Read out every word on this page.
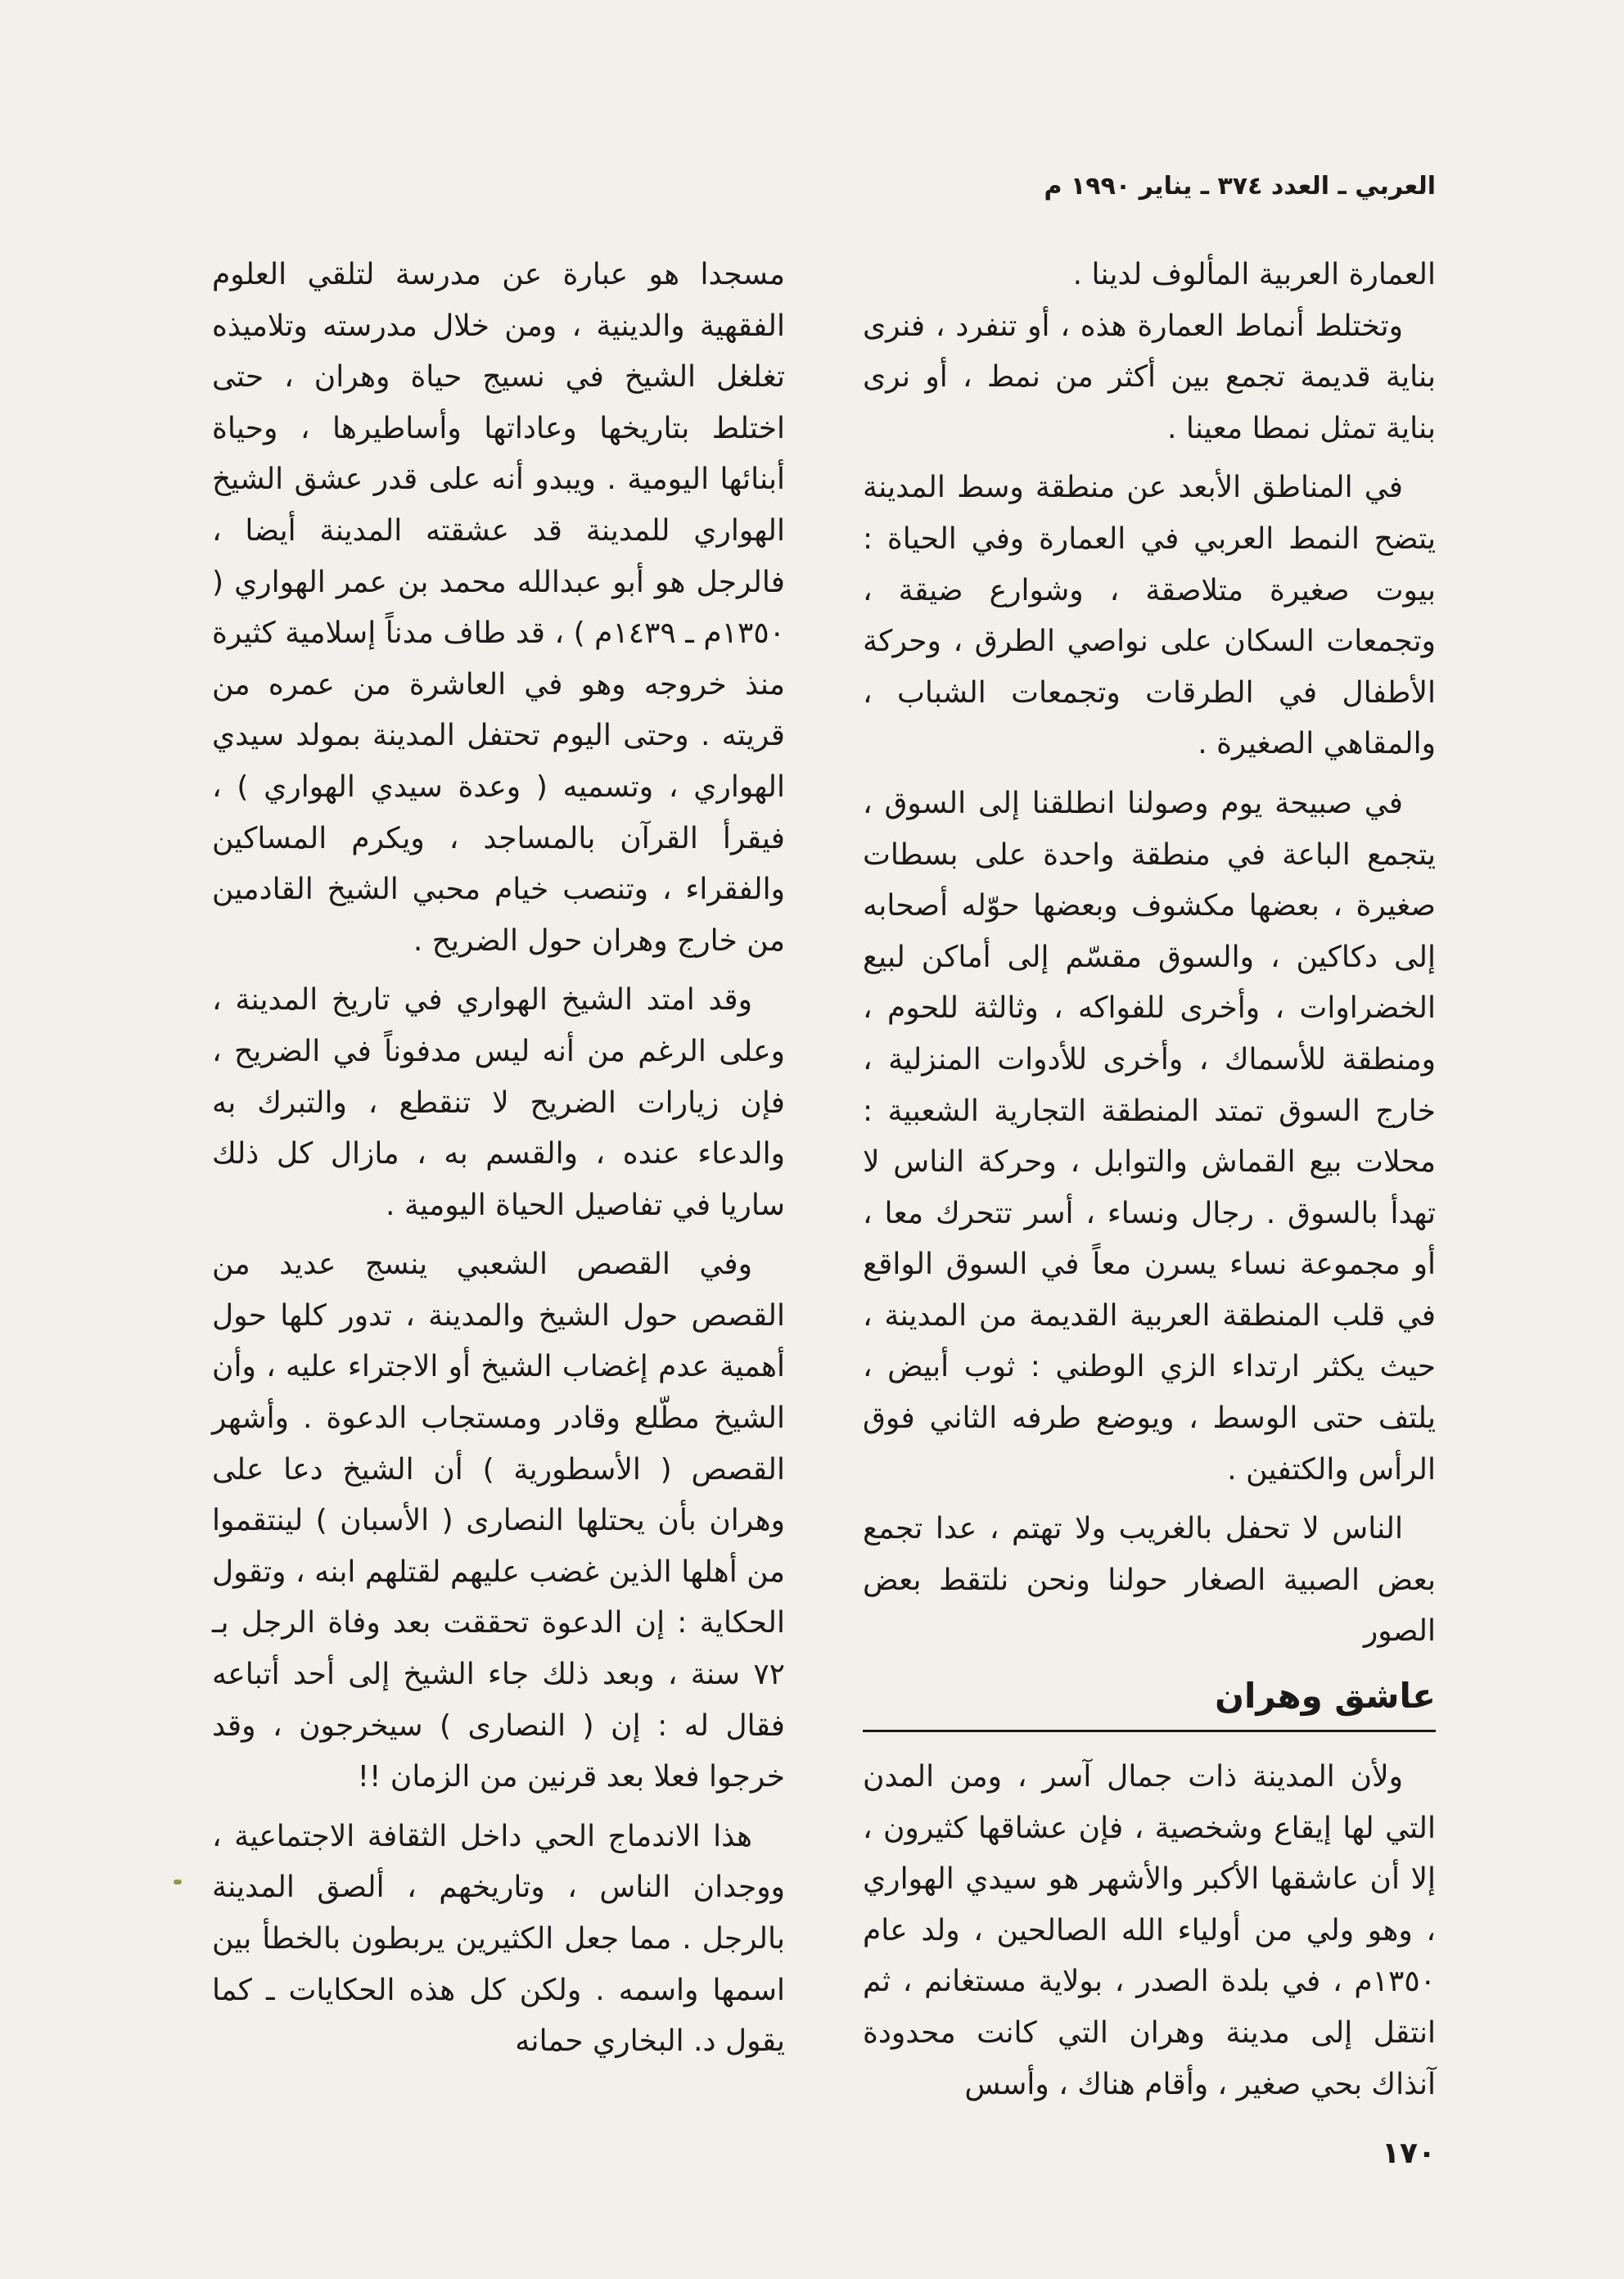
العربي ـ العدد ٣٧٤ ـ يناير ١٩٩٠ م

العمارة العربية المألوف لدينا .

وتختلط أنماط العمارة هذه ، أو تنفرد ، فنرى بناية قديمة تجمع بين أكثر من نمط ، أو نرى بناية تمثل نمطا معينا .

في المناطق الأبعد عن منطقة وسط المدينة يتضح النمط العربي في العمارة وفي الحياة : بيوت صغيرة متلاصقة ، وشوارع ضيقة ، وتجمعات السكان على نواصي الطرق ، وحركة الأطفال في الطرقات وتجمعات الشباب ، والمقاهي الصغيرة .

في صبيحة يوم وصولنا انطلقنا إلى السوق ، يتجمع الباعة في منطقة واحدة على بسطات صغيرة ، بعضها مكشوف وبعضها حوّله أصحابه إلى دكاكين ، والسوق مقسّم إلى أماكن لبيع الخضراوات ، وأخرى للفواكه ، وثالثة للحوم ، ومنطقة للأسماك ، وأخرى للأدوات المنزلية ، خارج السوق تمتد المنطقة التجارية الشعبية : محلات بيع القماش والتوابل ، وحركة الناس لا تهدأ بالسوق . رجال ونساء ، أسر تتحرك معا ، أو مجموعة نساء يسرن معاً في السوق الواقع في قلب المنطقة العربية القديمة من المدينة ، حيث يكثر ارتداء الزي الوطني : ثوب أبيض ، يلتف حتى الوسط ، ويوضع طرفه الثاني فوق الرأس والكتفين .

الناس لا تحفل بالغريب ولا تهتم ، عدا تجمع بعض الصبية الصغار حولنا ونحن نلتقط بعض الصور

عاشق وهران

ولأن المدينة ذات جمال آسر ، ومن المدن التي لها إيقاع وشخصية ، فإن عشاقها كثيرون ، إلا أن عاشقها الأكبر والأشهر هو سيدي الهواري ، وهو ولي من أولياء الله الصالحين ، ولد عام ١٣٥٠م ، في بلدة الصدر ، بولاية مستغانم ، ثم انتقل إلى مدينة وهران التي كانت محدودة آنذاك بحي صغير ، وأقام هناك ، وأسس

مسجدا هو عبارة عن مدرسة لتلقي العلوم الفقهية والدينية ، ومن خلال مدرسته وتلاميذه تغلغل الشيخ في نسيج حياة وهران ، حتى اختلط بتاريخها وعاداتها وأساطيرها ، وحياة أبنائها اليومية . ويبدو أنه على قدر عشق الشيخ الهواري للمدينة قد عشقته المدينة أيضا ، فالرجل هو أبو عبدالله محمد بن عمر الهواري ( ١٣٥٠م ـ ١٤٣٩م ) ، قد طاف مدناً إسلامية كثيرة منذ خروجه وهو في العاشرة من عمره من قريته . وحتى اليوم تحتفل المدينة بمولد سيدي الهواري ، وتسميه ( وعدة سيدي الهواري ) ، فيقرأ القرآن بالمساجد ، ويكرم المساكين والفقراء ، وتنصب خيام محبي الشيخ القادمين من خارج وهران حول الضريح .

وقد امتد الشيخ الهواري في تاريخ المدينة ، وعلى الرغم من أنه ليس مدفوناً في الضريح ، فإن زيارات الضريح لا تنقطع ، والتبرك به والدعاء عنده ، والقسم به ، مازال كل ذلك ساريا في تفاصيل الحياة اليومية .

وفي القصص الشعبي ينسج عديد من القصص حول الشيخ والمدينة ، تدور كلها حول أهمية عدم إغضاب الشيخ أو الاجتراء عليه ، وأن الشيخ مطّلع وقادر ومستجاب الدعوة . وأشهر القصص ( الأسطورية ) أن الشيخ دعا على وهران بأن يحتلها النصارى ( الأسبان ) لينتقموا من أهلها الذين غضب عليهم لقتلهم ابنه ، وتقول الحكاية : إن الدعوة تحققت بعد وفاة الرجل بـ ٧٢ سنة ، وبعد ذلك جاء الشيخ إلى أحد أتباعه فقال له : إن ( النصارى ) سيخرجون ، وقد خرجوا فعلا بعد قرنين من الزمان !!

هذا الاندماج الحي داخل الثقافة الاجتماعية ، ووجدان الناس ، وتاريخهم ، ألصق المدينة بالرجل . مما جعل الكثيرين يربطون بالخطأ بين اسمها واسمه . ولكن كل هذه الحكايات ـ كما يقول د. البخاري حمانه

١٧٠
